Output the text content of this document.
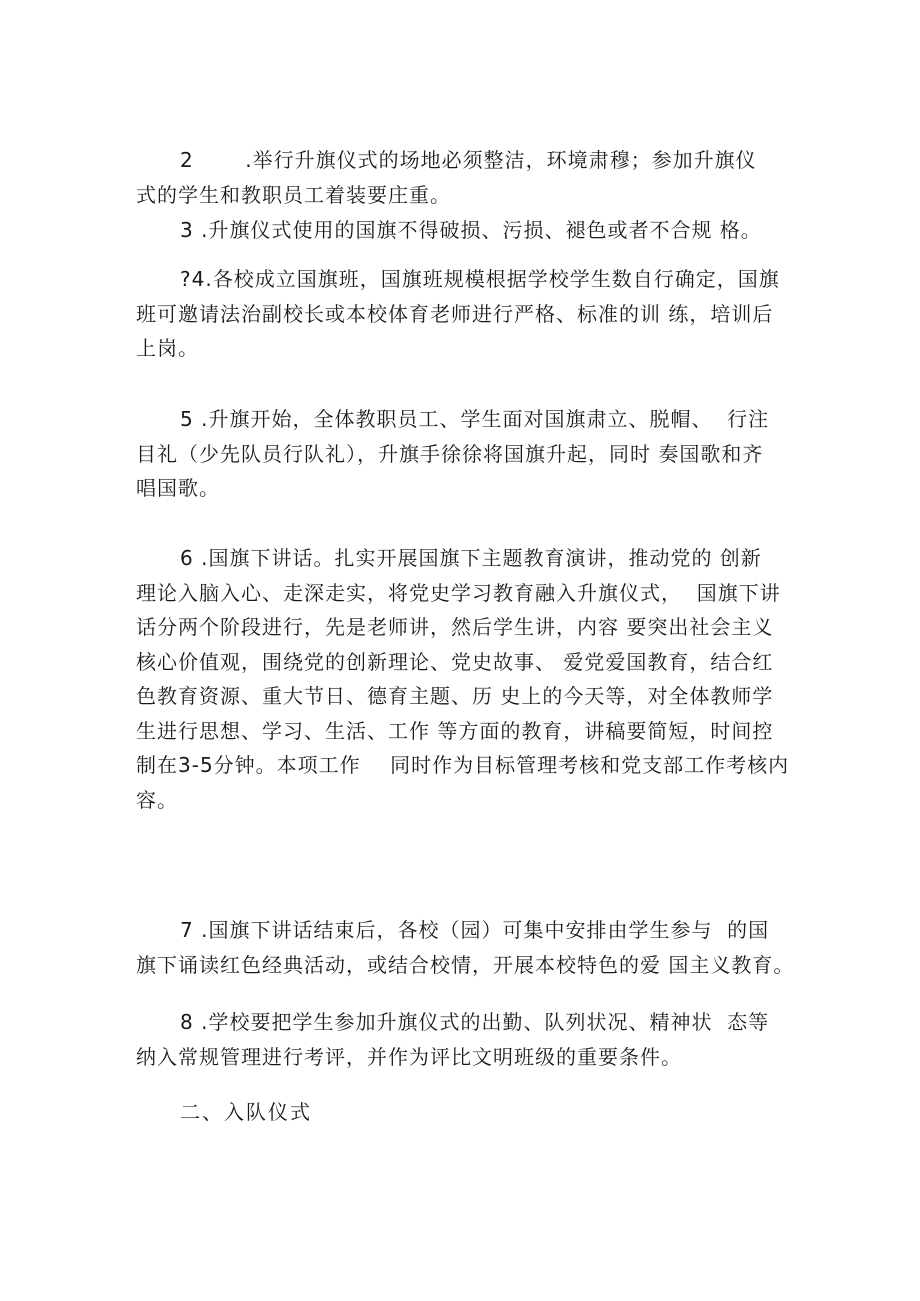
2       .举行升旗仪式的场地必须整洁，环境肃穆；参加升旗仪
式的学生和教职员工着装要庄重。
3 .升旗仪式使用的国旗不得破损、污损、褪色或者不合规 格。
?4.各校成立国旗班，国旗班规模根据学校学生数自行确定，国旗
班可邀请法治副校长或本校体育老师进行严格、标准的训 练，培训后
上岗。
5 .升旗开始，全体教职员工、学生面对国旗肃立、脱帽、  行注
目礼（少先队员行队礼），升旗手徐徐将国旗升起，同时 奏国歌和齐
唱国歌。
6 .国旗下讲话。扎实开展国旗下主题教育演讲，推动党的 创新
理论入脑入心、走深走实，将党史学习教育融入升旗仪式，  国旗下讲
话分两个阶段进行，先是老师讲，然后学生讲，内容 要突出社会主义
核心价值观，围绕党的创新理论、党史故事、 爱党爱国教育，结合红
色教育资源、重大节日、德育主题、历 史上的今天等，对全体教师学
生进行思想、学习、生活、工作 等方面的教育，讲稿要简短，时间控
制在3-5分钟。本项工作    同时作为目标管理考核和党支部工作考核内
容。
7 .国旗下讲话结束后，各校（园）可集中安排由学生参与  的国
旗下诵读红色经典活动，或结合校情，开展本校特色的爱 国主义教育。
8 .学校要把学生参加升旗仪式的出勤、队列状况、精神状  态等
纳入常规管理进行考评，并作为评比文明班级的重要条件。
二、入队仪式
